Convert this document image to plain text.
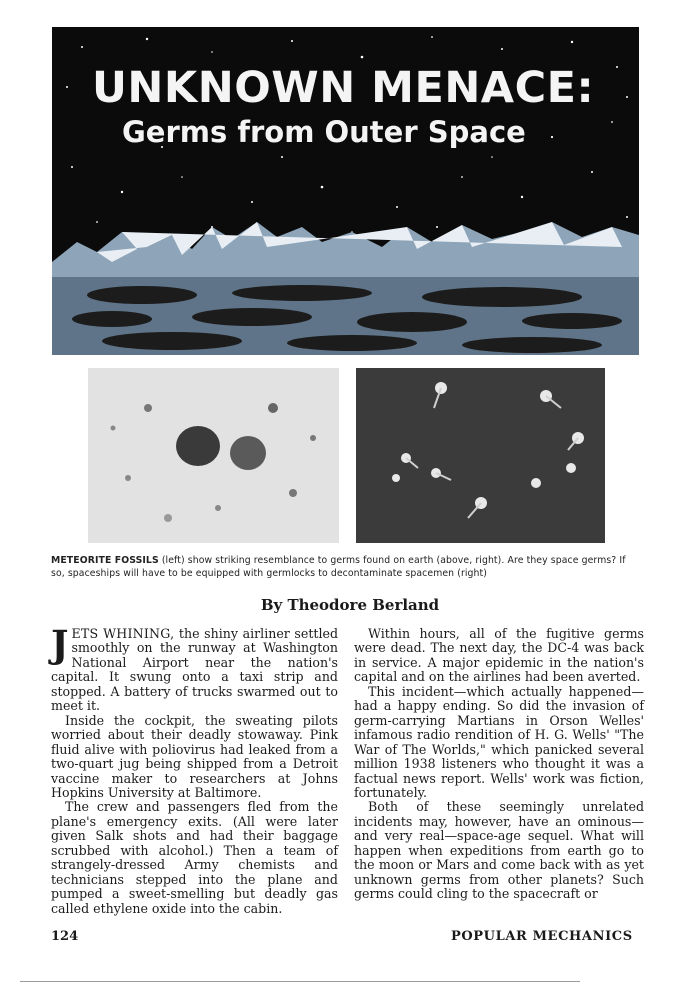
UNKNOWN MENACE:
Germs from Outer Space
METEORITE FOSSILS (left) show striking resemblance to germs found on earth (above, right). Are they space germs? If so, spaceships will have to be equipped with germlocks to decontaminate spacemen (right)
By Theodore Berland

JETS WHINING, the shiny airliner settled smoothly on the runway at Washington National Airport near the nation's capital. It swung onto a taxi strip and stopped. A battery of trucks swarmed out to meet it.

Inside the cockpit, the sweating pilots worried about their deadly stowaway. Pink fluid alive with poliovirus had leaked from a two-quart jug being shipped from a Detroit vaccine maker to researchers at Johns Hopkins University at Baltimore.

The crew and passengers fled from the plane's emergency exits. (All were later given Salk shots and had their baggage scrubbed with alcohol.) Then a team of strangely-dressed Army chemists and technicians stepped into the plane and pumped a sweet-smelling but deadly gas called ethylene oxide into the cabin.

Within hours, all of the fugitive germs were dead. The next day, the DC-4 was back in service. A major epidemic in the nation's capital and on the airlines had been averted.

This incident—which actually happened—had a happy ending. So did the invasion of germ-carrying Martians in Orson Welles' infamous radio rendition of H. G. Wells' "The War of The Worlds," which panicked several million 1938 listeners who thought it was a factual news report. Wells' work was fiction, fortunately.

Both of these seemingly unrelated incidents may, however, have an ominous—and very real—space-age sequel. What will happen when expeditions from earth go to the moon or Mars and come back with as yet unknown germs from other planets? Such germs could cling to the spacecraft or

124	POPULAR MECHANICS
